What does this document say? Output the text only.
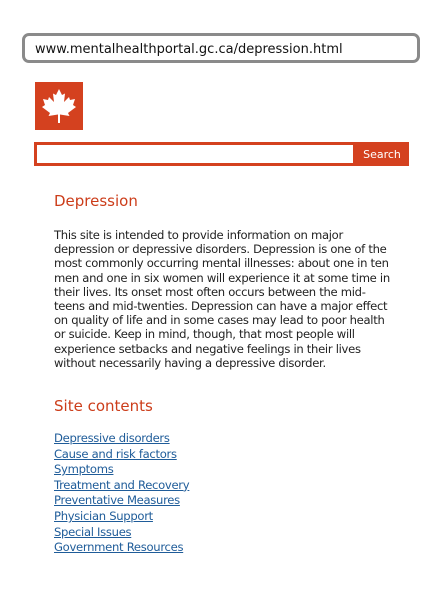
www.mentalhealthportal.gc.ca/depression.html
Search
Depression

This site is intended to provide information on major depression or depressive disorders. Depression is one of the most commonly occurring mental illnesses: about one in ten men and one in six women will experience it at some time in their lives. Its onset most often occurs between the mid-teens and mid-twenties. Depression can have a major effect on quality of life and in some cases may lead to poor health or suicide. Keep in mind, though, that most people will experience setbacks and negative feelings in their lives without necessarily having a depressive disorder.

Site contents
Depressive disorders
Cause and risk factors
Symptoms
Treatment and Recovery
Preventative Measures
Physician Support
Special Issues
Government Resources
